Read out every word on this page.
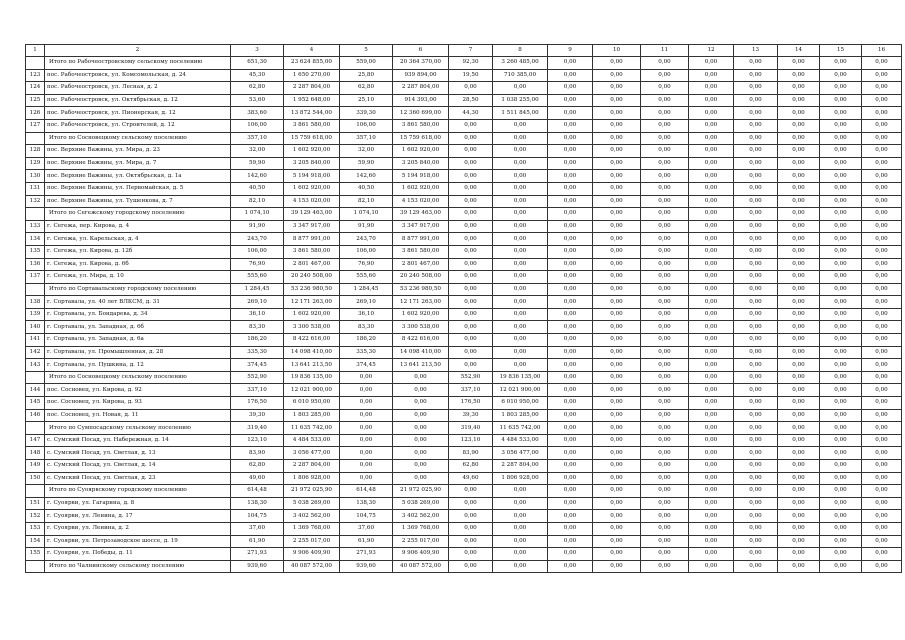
1	2	3	4	5	6	7	8	9	10	11	12	13	14	15	16
	Итого по Рабочеостровскому сельскому поселению	651,30	23 624 855,00	559,00	20 364 370,00	92,30	3 260 485,00	0,00	0,00	0,00	0,00	0,00	0,00	0,00	0,00
123	пос. Рабочеостровск, ул. Комсомольская, д. 24	45,30	1 650 270,00	25,80	939 894,00	19,50	710 385,00	0,00	0,00	0,00	0,00	0,00	0,00	0,00	0,00
124	пос. Рабочеостровск, ул. Лесная, д. 2	62,80	2 287 804,00	62,80	2 287 804,00	0,00	0,00	0,00	0,00	0,00	0,00	0,00	0,00	0,00	0,00
125	пос. Рабочеостровск, ул. Октябрьская, д. 12	53,60	1 952 648,00	25,10	914 393,00	28,50	1 038 255,00	0,00	0,00	0,00	0,00	0,00	0,00	0,00	0,00
126	пос. Рабочеостровск, ул. Пионерская, д. 12	383,60	13 872 544,00	339,30	12 360 699,00	44,30	1 511 845,00	0,00	0,00	0,00	0,00	0,00	0,00	0,00	0,00
127	пос. Рабочеостровск, ул. Строителей, д. 12	106,00	3 861 580,00	106,00	3 861 580,00	0,00	0,00	0,00	0,00	0,00	0,00	0,00	0,00	0,00	0,00
	Итого по Сосновецкому сельскому поселению	357,10	15 759 618,00	357,10	15 759 618,00	0,00	0,00	0,00	0,00	0,00	0,00	0,00	0,00	0,00	0,00
128	пос. Верхние Важины, ул. Мира, д. 23	32,00	1 602 920,00	32,00	1 602 920,00	0,00	0,00	0,00	0,00	0,00	0,00	0,00	0,00	0,00	0,00
129	пос. Верхние Важины, ул. Мира, д. 7	59,90	3 205 840,00	59,90	3 205 840,00	0,00	0,00	0,00	0,00	0,00	0,00	0,00	0,00	0,00	0,00
130	пос. Верхние Важины, ул. Октябрьская, д. 1а	142,60	5 194 918,00	142,60	5 194 918,00	0,00	0,00	0,00	0,00	0,00	0,00	0,00	0,00	0,00	0,00
131	пос. Верхние Важины, ул. Первомайская, д. 5	40,50	1 602 920,00	40,50	1 602 920,00	0,00	0,00	0,00	0,00	0,00	0,00	0,00	0,00	0,00	0,00
132	пос. Верхние Важины, ул. Тушенкова, д. 7	82,10	4 153 020,00	82,10	4 153 020,00	0,00	0,00	0,00	0,00	0,00	0,00	0,00	0,00	0,00	0,00
	Итого по Сегежскому городскому поселению	1 074,10	39 129 463,00	1 074,10	39 129 463,00	0,00	0,00	0,00	0,00	0,00	0,00	0,00	0,00	0,00	0,00
133	г. Сегежа, пер. Кирова, д. 4	91,90	3 347 917,00	91,90	3 347 917,00	0,00	0,00	0,00	0,00	0,00	0,00	0,00	0,00	0,00	0,00
134	г. Сегежа, ул. Карельская, д. 4	243,70	8 877 991,00	243,70	8 877 991,00	0,00	0,00	0,00	0,00	0,00	0,00	0,00	0,00	0,00	0,00
135	г. Сегежа, ул. Кирова, д. 12б	106,00	3 861 580,00	106,00	3 861 580,00	0,00	0,00	0,00	0,00	0,00	0,00	0,00	0,00	0,00	0,00
136	г. Сегежа, ул. Кирова, д. 6б	76,90	2 801 467,00	76,90	2 801 467,00	0,00	0,00	0,00	0,00	0,00	0,00	0,00	0,00	0,00	0,00
137	г. Сегежа, ул. Мира, д. 10	555,60	20 240 508,00	555,60	20 240 508,00	0,00	0,00	0,00	0,00	0,00	0,00	0,00	0,00	0,00	0,00
	Итого по Сортавальскому городскому поселению	1 284,45	53 236 980,50	1 284,45	53 236 980,50	0,00	0,00	0,00	0,00	0,00	0,00	0,00	0,00	0,00	0,00
138	г. Сортавала, ул. 40 лет ВЛКСМ, д. 31	269,10	12 171 263,00	269,10	12 171 263,00	0,00	0,00	0,00	0,00	0,00	0,00	0,00	0,00	0,00	0,00
139	г. Сортавала, ул. Бондарева, д. 34	36,10	1 602 920,00	36,10	1 602 920,00	0,00	0,00	0,00	0,00	0,00	0,00	0,00	0,00	0,00	0,00
140	г. Сортавала, ул. Западная, д. 6б	83,30	3 300 538,00	83,30	3 300 538,00	0,00	0,00	0,00	0,00	0,00	0,00	0,00	0,00	0,00	0,00
141	г. Сортавала, ул. Западная, д. 6а	186,20	8 422 616,00	186,20	8 422 616,00	0,00	0,00	0,00	0,00	0,00	0,00	0,00	0,00	0,00	0,00
142	г. Сортавала, ул. Промышленная, д. 28	335,30	14 098 410,00	335,30	14 098 410,00	0,00	0,00	0,00	0,00	0,00	0,00	0,00	0,00	0,00	0,00
143	г. Сортавала, ул. Пушкина, д. 12	374,45	13 641 213,50	374,45	13 641 213,50	0,00	0,00	0,00	0,00	0,00	0,00	0,00	0,00	0,00	0,00
	Итого по Сосновецкому сельскому поселению	552,90	19 836 135,00	0,00	0,00	552,90	19 836 135,00	0,00	0,00	0,00	0,00	0,00	0,00	0,00	0,00
144	пос. Сосновец, ул. Кирова, д. 92	337,10	12 021 900,00	0,00	0,00	337,10	12 021 900,00	0,00	0,00	0,00	0,00	0,00	0,00	0,00	0,00
145	пос. Сосновец, ул. Кирова, д. 93	176,50	6 010 950,00	0,00	0,00	176,50	6 010 950,00	0,00	0,00	0,00	0,00	0,00	0,00	0,00	0,00
146	пос. Сосновец, ул. Новая, д. 11	39,30	1 803 285,00	0,00	0,00	39,30	1 803 285,00	0,00	0,00	0,00	0,00	0,00	0,00	0,00	0,00
	Итого по Сумпосадскому сельскому поселению	319,40	11 635 742,00	0,00	0,00	319,40	11 635 742,00	0,00	0,00	0,00	0,00	0,00	0,00	0,00	0,00
147	с. Сумский Посад, ул. Набережная, д. 14	123,10	4 484 533,00	0,00	0,00	123,10	4 484 533,00	0,00	0,00	0,00	0,00	0,00	0,00	0,00	0,00
148	с. Сумский Посад, ул. Светлая, д. 13	83,90	3 056 477,00	0,00	0,00	83,90	3 056 477,00	0,00	0,00	0,00	0,00	0,00	0,00	0,00	0,00
149	с. Сумский Посад, ул. Светлая, д. 14	62,80	2 287 804,00	0,00	0,00	62,80	2 287 804,00	0,00	0,00	0,00	0,00	0,00	0,00	0,00	0,00
150	с. Сумский Посад, ул. Светлая, д. 23	49,60	1 806 928,00	0,00	0,00	49,60	1 806 928,00	0,00	0,00	0,00	0,00	0,00	0,00	0,00	0,00
	Итого по Суоярвскому городскому поселению	614,48	21 972 025,90	614,48	21 972 025,90	0,00	0,00	0,00	0,00	0,00	0,00	0,00	0,00	0,00	0,00
151	г. Суоярви, ул. Гагарина, д. 8	138,30	5 038 269,00	138,30	5 038 269,00	0,00	0,00	0,00	0,00	0,00	0,00	0,00	0,00	0,00	0,00
152	г. Суоярви, ул. Ленина, д. 17	104,75	3 402 562,00	104,75	3 402 562,00	0,00	0,00	0,00	0,00	0,00	0,00	0,00	0,00	0,00	0,00
153	г. Суоярви, ул. Ленина, д. 2	37,60	1 369 768,00	37,60	1 369 768,00	0,00	0,00	0,00	0,00	0,00	0,00	0,00	0,00	0,00	0,00
154	г. Суоярви, ул. Петрозаводское шоссе, д. 19	61,90	2 255 017,00	61,90	2 255 017,00	0,00	0,00	0,00	0,00	0,00	0,00	0,00	0,00	0,00	0,00
155	г. Суоярви, ул. Победы, д. 11	271,93	9 906 409,90	271,93	9 906 409,90	0,00	0,00	0,00	0,00	0,00	0,00	0,00	0,00	0,00	0,00
	Итого по Чалнинскому сельскому поселению	939,60	40 087 572,00	939,60	40 087 572,00	0,00	0,00	0,00	0,00	0,00	0,00	0,00	0,00	0,00	0,00
